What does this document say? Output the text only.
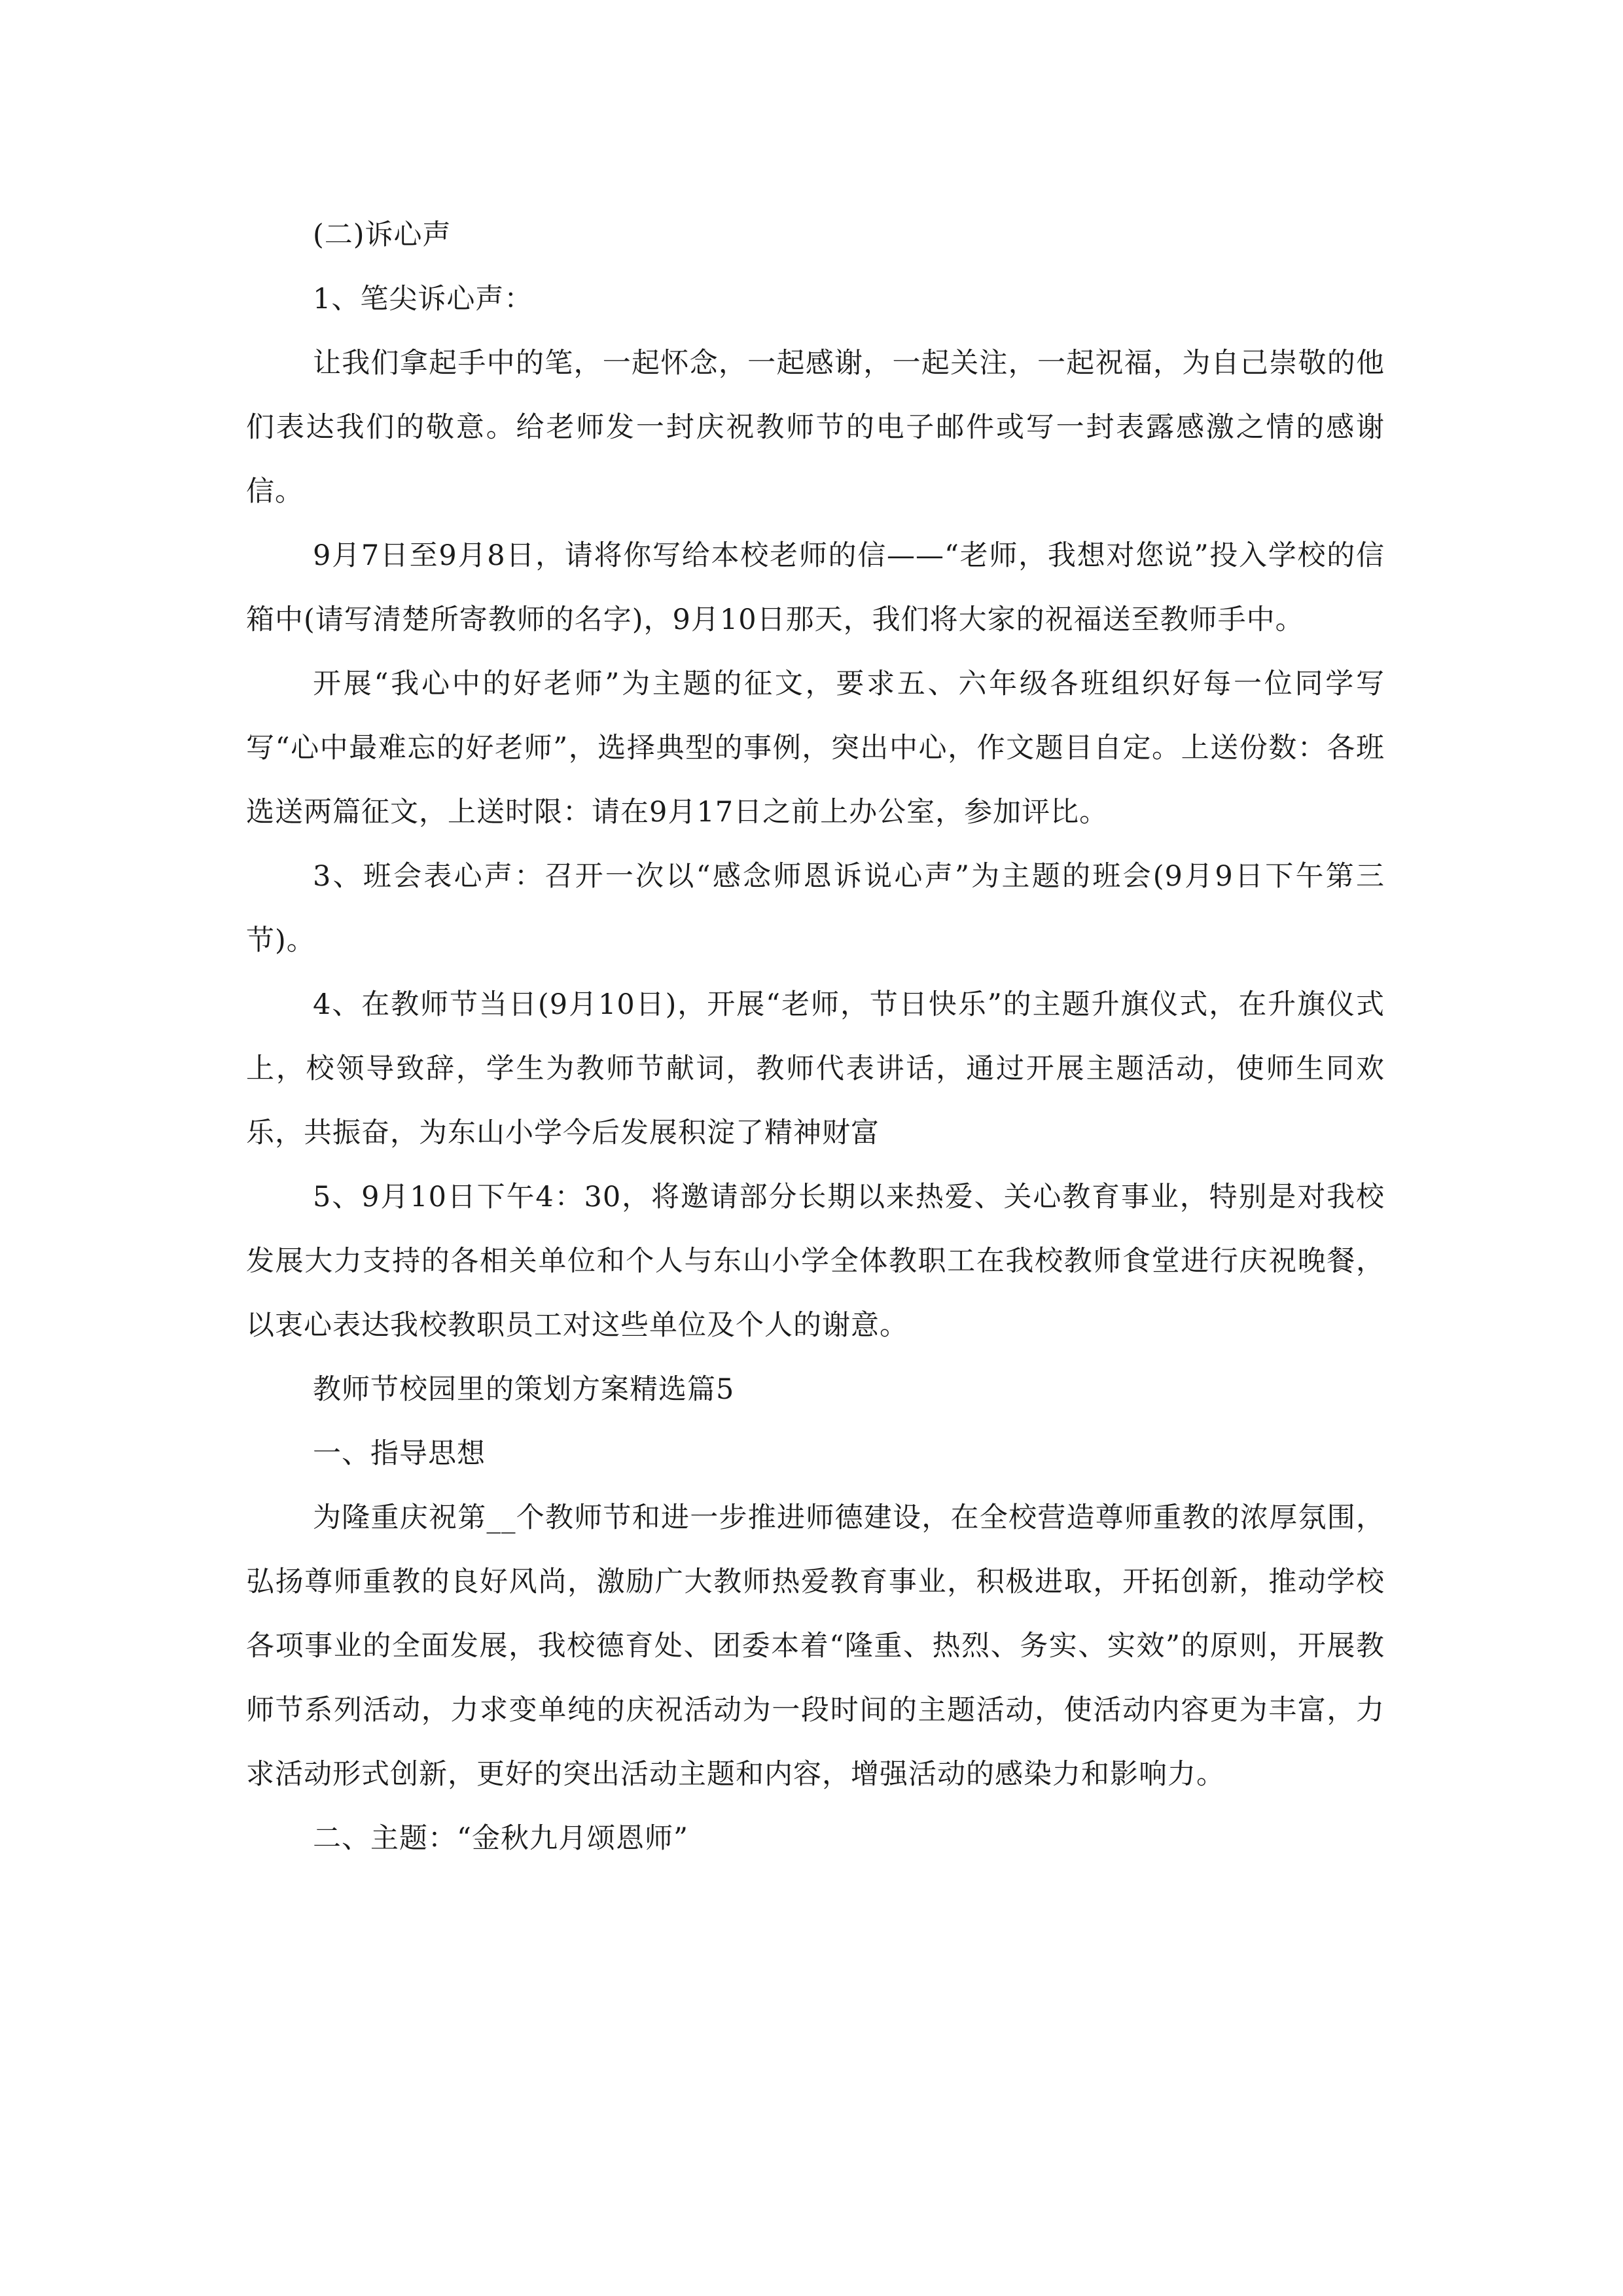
(二)诉心声

1、笔尖诉心声：

让我们拿起手中的笔，一起怀念，一起感谢，一起关注，一起祝福，为自己崇敬的他们表达我们的敬意。给老师发一封庆祝教师节的电子邮件或写一封表露感激之情的感谢信。

9月7日至9月8日，请将你写给本校老师的信——“老师，我想对您说”投入学校的信箱中(请写清楚所寄教师的名字)，9月10日那天，我们将大家的祝福送至教师手中。

开展“我心中的好老师”为主题的征文，要求五、六年级各班组织好每一位同学写写“心中最难忘的好老师”，选择典型的事例，突出中心，作文题目自定。上送份数：各班选送两篇征文，上送时限：请在9月17日之前上办公室，参加评比。

3、班会表心声：召开一次以“感念师恩诉说心声”为主题的班会(9月9日下午第三节)。

4、在教师节当日(9月10日)，开展“老师，节日快乐”的主题升旗仪式，在升旗仪式上，校领导致辞，学生为教师节献词，教师代表讲话，通过开展主题活动，使师生同欢乐，共振奋，为东山小学今后发展积淀了精神财富

5、9月10日下午4：30，将邀请部分长期以来热爱、关心教育事业，特别是对我校发展大力支持的各相关单位和个人与东山小学全体教职工在我校教师食堂进行庆祝晚餐，以衷心表达我校教职员工对这些单位及个人的谢意。

教师节校园里的策划方案精选篇5

一、指导思想

为隆重庆祝第__个教师节和进一步推进师德建设，在全校营造尊师重教的浓厚氛围，弘扬尊师重教的良好风尚，激励广大教师热爱教育事业，积极进取，开拓创新，推动学校各项事业的全面发展，我校德育处、团委本着“隆重、热烈、务实、实效”的原则，开展教师节系列活动，力求变单纯的庆祝活动为一段时间的主题活动，使活动内容更为丰富，力求活动形式创新，更好的突出活动主题和内容，增强活动的感染力和影响力。

二、主题：“金秋九月颂恩师”
